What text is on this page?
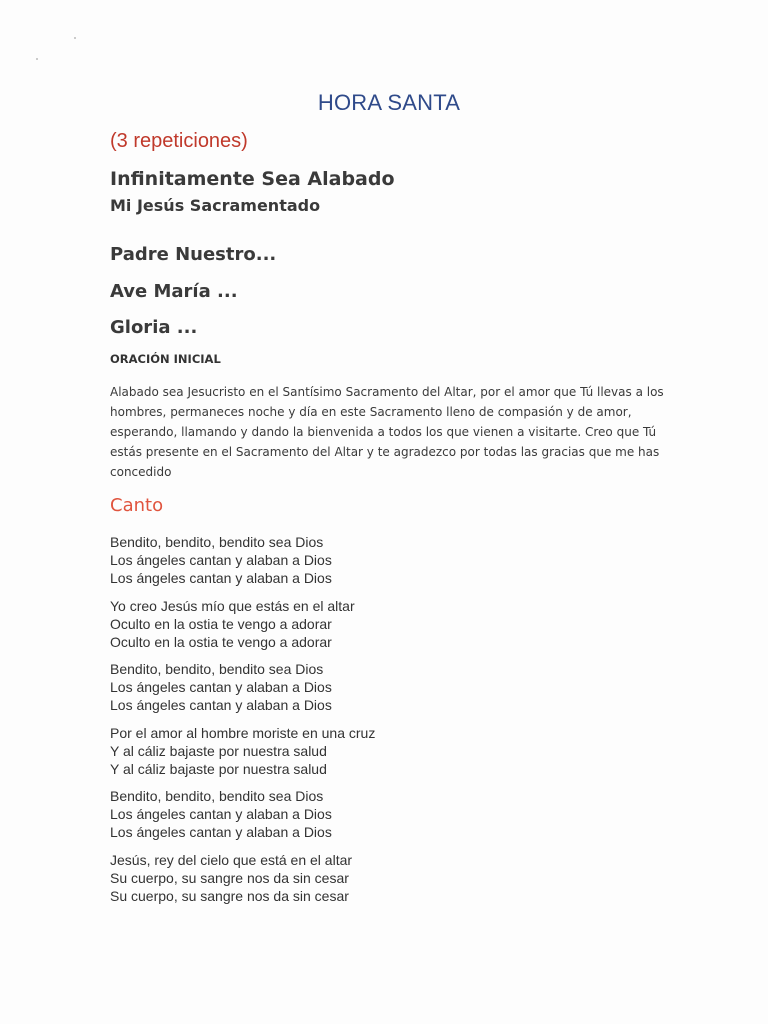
HORA SANTA
(3 repeticiones)
Infinitamente Sea Alabado
Mi Jesús Sacramentado
Padre Nuestro...
Ave María ...
Gloria ...
ORACIÓN INICIAL
Alabado sea Jesucristo en el Santísimo Sacramento del Altar, por el amor que Tú llevas a los hombres, permaneces noche y día en este Sacramento lleno de compasión y de amor, esperando, llamando y dando la bienvenida a todos los que vienen a visitarte. Creo que Tú estás presente en el Sacramento del Altar y te agradezco por todas las gracias que me has concedido
Canto
Bendito, bendito, bendito sea Dios
Los ángeles cantan y alaban a Dios
Los ángeles cantan y alaban a Dios
Yo creo Jesús mío que estás en el altar
Oculto en la ostia te vengo a adorar
Oculto en la ostia te vengo a adorar
Bendito, bendito, bendito sea Dios
Los ángeles cantan y alaban a Dios
Los ángeles cantan y alaban a Dios
Por el amor al hombre moriste en una cruz
Y al cáliz bajaste por nuestra salud
Y al cáliz bajaste por nuestra salud
Bendito, bendito, bendito sea Dios
Los ángeles cantan y alaban a Dios
Los ángeles cantan y alaban a Dios
Jesús, rey del cielo que está en el altar
Su cuerpo, su sangre nos da sin cesar
Su cuerpo, su sangre nos da sin cesar
